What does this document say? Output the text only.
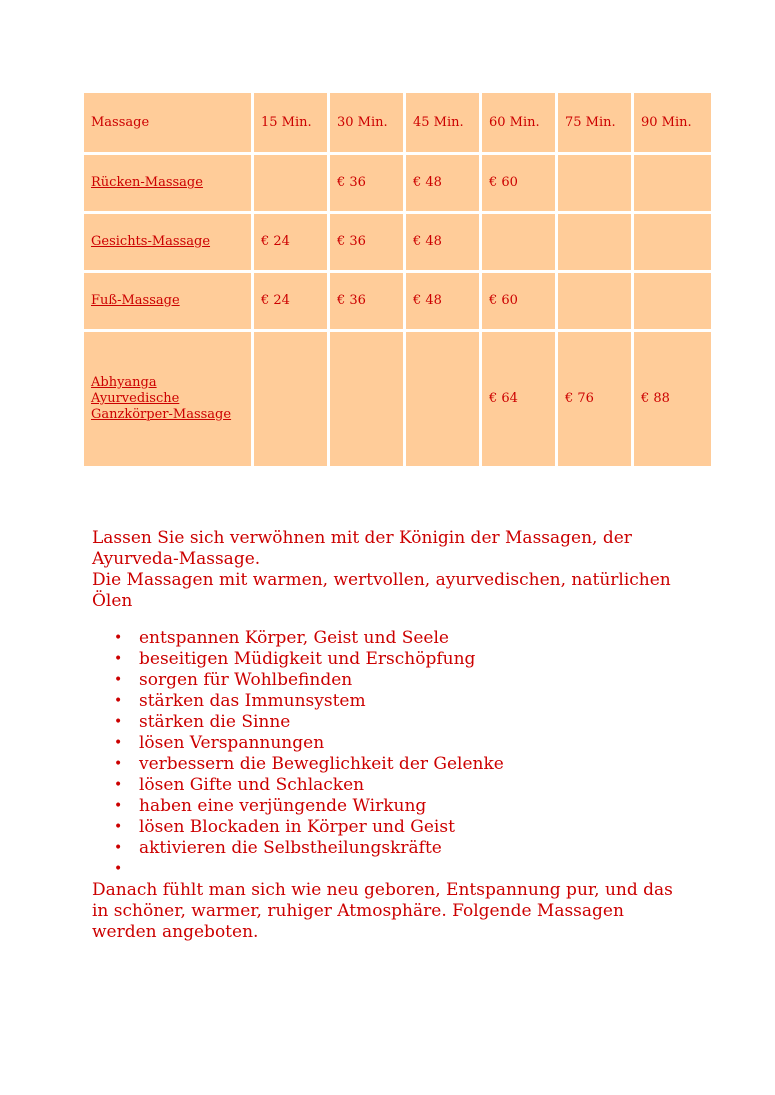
Massage	15 Min.	30 Min.	45 Min.	60 Min.	75 Min.	90 Min.
Rücken-Massage		€ 36	€ 48	€ 60		
Gesichts-Massage	€ 24	€ 36	€ 48			
Fuß-Massage	€ 24	€ 36	€ 48	€ 60		
Abhyanga
Ayurvedische
Ganzkörper-Massage				€ 64	€ 76	€ 88

Lassen Sie sich verwöhnen mit der Königin der Massagen, der Ayurveda-Massage.

Die Massagen mit warmen, wertvollen, ayurvedischen, natürlichen Ölen

• entspannen Körper, Geist und Seele
• beseitigen Müdigkeit und Erschöpfung
• sorgen für Wohlbefinden
• stärken das Immunsystem
• stärken die Sinne
• lösen Verspannungen
• verbessern die Beweglichkeit der Gelenke
• lösen Gifte und Schlacken
• haben eine verjüngende Wirkung
• lösen Blockaden in Körper und Geist
• aktivieren die Selbstheilungskräfte
•

Danach fühlt man sich wie neu geboren, Entspannung pur, und das in schöner, warmer, ruhiger Atmosphäre. Folgende Massagen werden angeboten.
